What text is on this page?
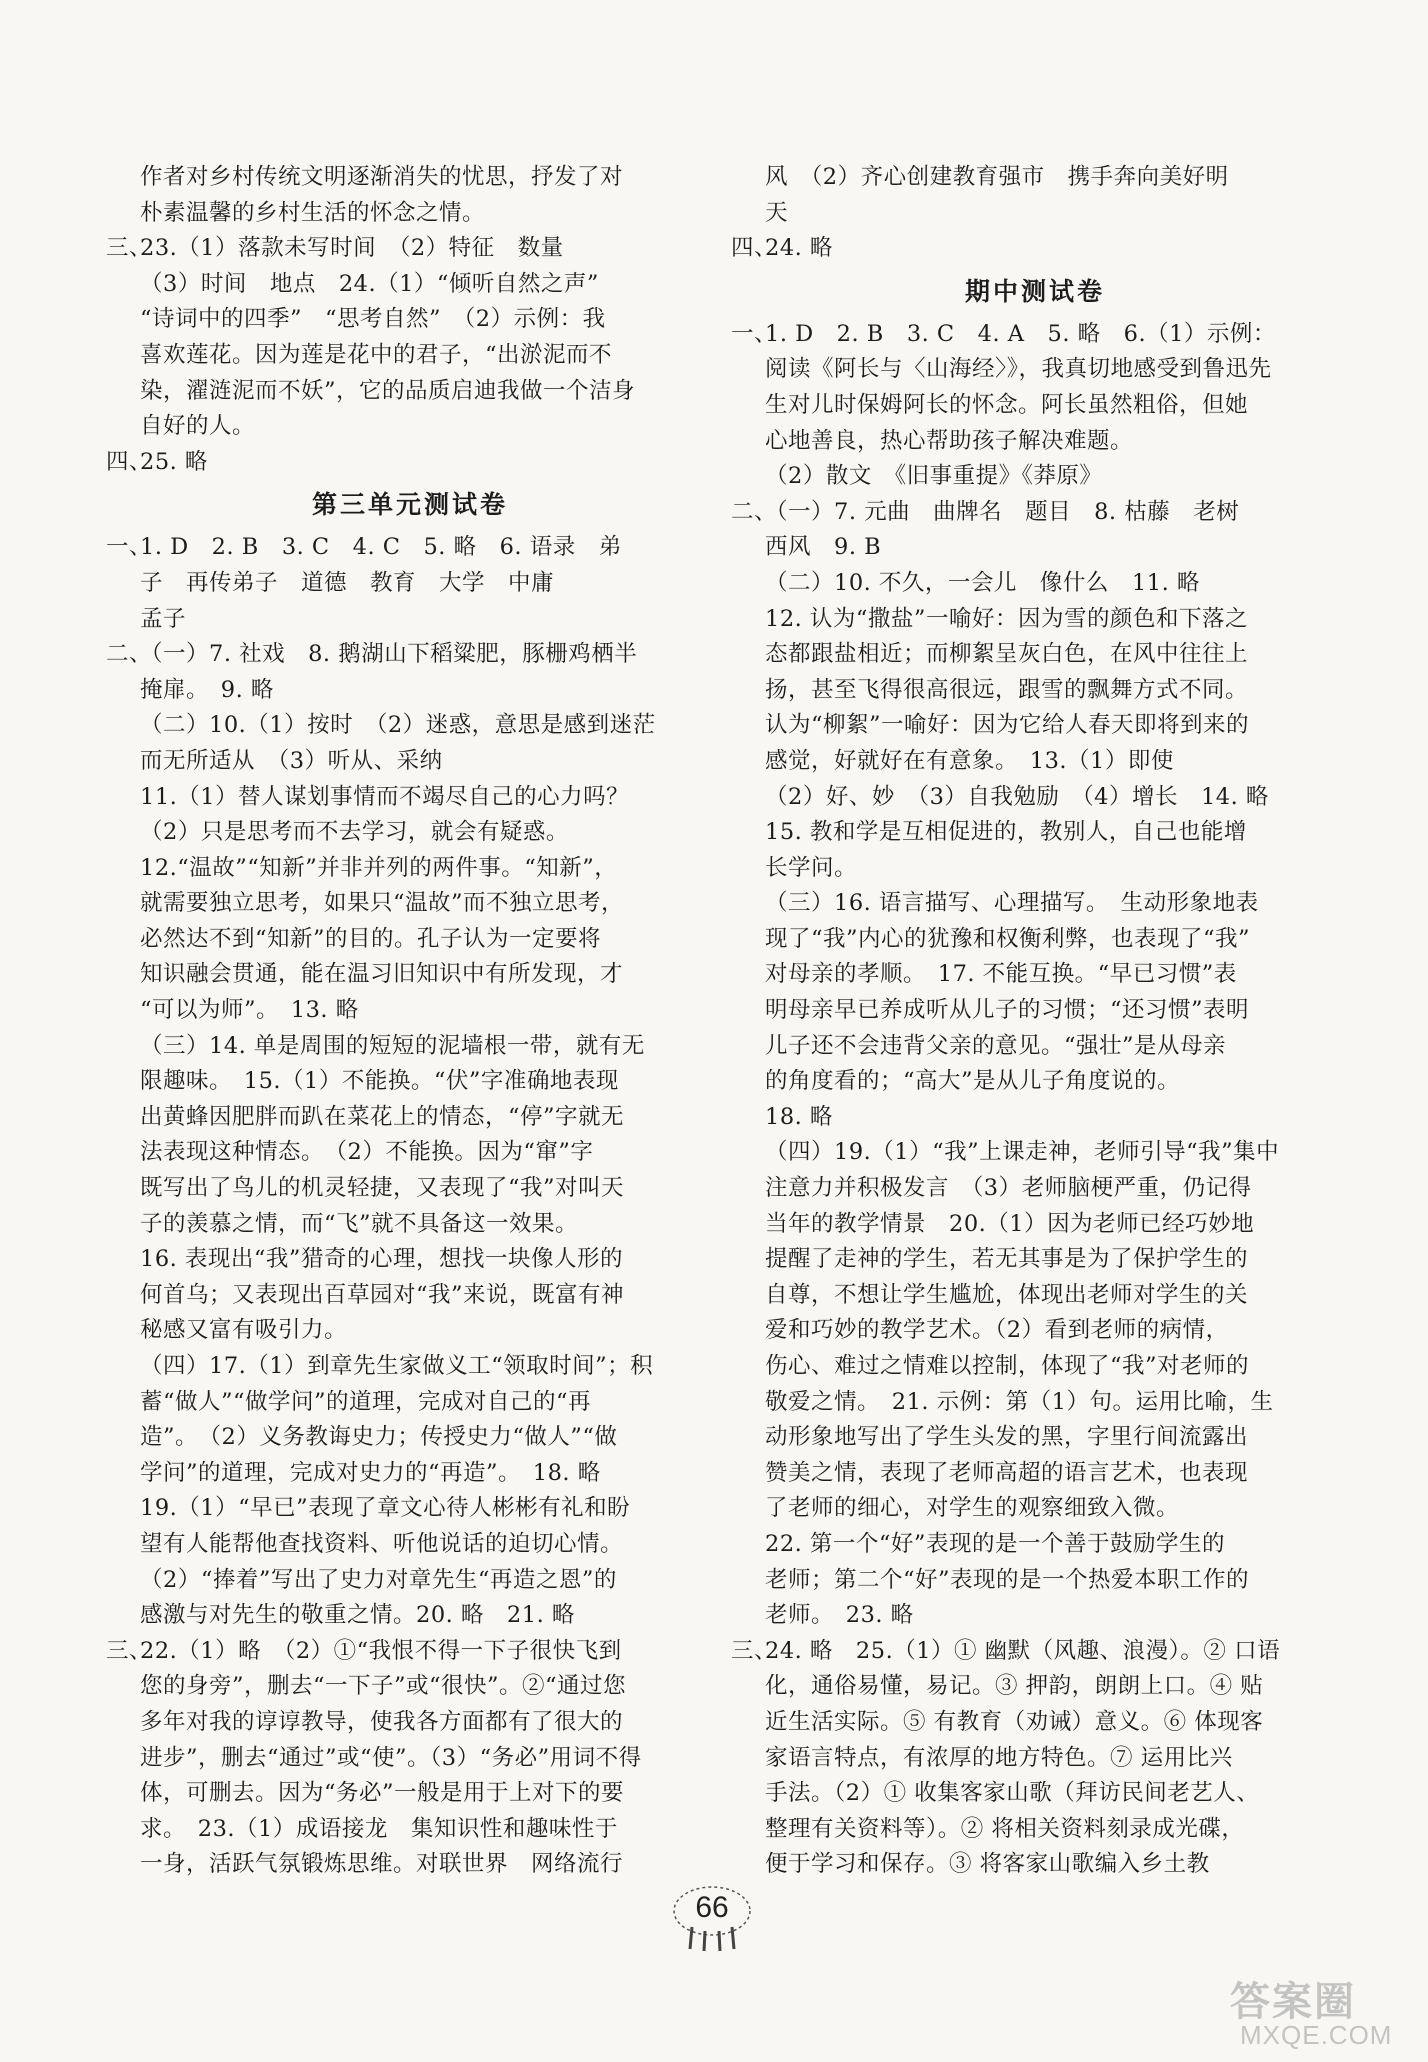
作者对乡村传统文明逐渐消失的忧思，抒发了对
朴素温馨的乡村生活的怀念之情。
三、
23.（1）落款未写时间　（2）特征　数量
（3）时间　地点　24.（1）“倾听自然之声”
“诗词中的四季”　“思考自然”　（2）示例：我
喜欢莲花。因为莲是花中的君子，“出淤泥而不
染，濯涟泥而不妖”，它的品质启迪我做一个洁身
自好的人。
四、
25. 略
第三单元测试卷
一、
1. D　2. B　3. C　4. C　5. 略　6. 语录　弟
子　再传弟子　道德　教育　大学　中庸
孟子
二、
（一）7. 社戏　8. 鹅湖山下稻粱肥，豚栅鸡栖半
掩扉。　9. 略
（二）10.（1）按时　（2）迷惑，意思是感到迷茫
而无所适从　（3）听从、采纳
11.（1）替人谋划事情而不竭尽自己的心力吗？
（2）只是思考而不去学习，就会有疑惑。
12.“温故”“知新”并非并列的两件事。“知新”，
就需要独立思考，如果只“温故”而不独立思考，
必然达不到“知新”的目的。孔子认为一定要将
知识融会贯通，能在温习旧知识中有所发现，才
“可以为师”。　13. 略
（三）14. 单是周围的短短的泥墙根一带，就有无
限趣味。　15.（1）不能换。“伏”字准确地表现
出黄蜂因肥胖而趴在菜花上的情态，“停”字就无
法表现这种情态。　（2）不能换。因为“窜”字
既写出了鸟儿的机灵轻捷，又表现了“我”对叫天
子的羡慕之情，而“飞”就不具备这一效果。
16. 表现出“我”猎奇的心理，想找一块像人形的
何首乌；又表现出百草园对“我”来说，既富有神
秘感又富有吸引力。
（四）17.（1）到章先生家做义工“领取时间”；积
蓄“做人”“做学问”的道理，完成对自己的“再
造”。　（2）义务教诲史力；传授史力“做人”“做
学问”的道理，完成对史力的“再造”。　18. 略
19.（1）“早已”表现了章文心待人彬彬有礼和盼
望有人能帮他查找资料、听他说话的迫切心情。
（2）“捧着”写出了史力对章先生“再造之恩”的
感激与对先生的敬重之情。20. 略　21. 略
三、
22.（1）略　（2）①“我恨不得一下子很快飞到
您的身旁”，删去“一下子”或“很快”。②“通过您
多年对我的谆谆教导，使我各方面都有了很大的
进步”，删去“通过”或“使”。（3）“务必”用词不得
体，可删去。因为“务必”一般是用于上对下的要
求。　23.（1）成语接龙　集知识性和趣味性于
一身，活跃气氛锻炼思维。对联世界　网络流行
风　（2）齐心创建教育强市　携手奔向美好明
天
四、
24. 略
期中测试卷
一、
1. D　2. B　3. C　4. A　5. 略　6.（1）示例：
阅读《阿长与〈山海经〉》，我真切地感受到鲁迅先
生对儿时保姆阿长的怀念。阿长虽然粗俗，但她
心地善良，热心帮助孩子解决难题。
（2）散文　《旧事重提》《莽原》
二、
（一）7. 元曲　曲牌名　题目　8. 枯藤　老树
西风　9. B
（二）10. 不久，一会儿　像什么　11. 略
12. 认为“撒盐”一喻好：因为雪的颜色和下落之
态都跟盐相近；而柳絮呈灰白色，在风中往往上
扬，甚至飞得很高很远，跟雪的飘舞方式不同。
认为“柳絮”一喻好：因为它给人春天即将到来的
感觉，好就好在有意象。　13.（1）即使
（2）好、妙　（3）自我勉励　（4）增长　14. 略
15. 教和学是互相促进的，教别人，自己也能增
长学问。
（三）16. 语言描写、心理描写。　生动形象地表
现了“我”内心的犹豫和权衡利弊，也表现了“我”
对母亲的孝顺。　17. 不能互换。“早已习惯”表
明母亲早已养成听从儿子的习惯；“还习惯”表明
儿子还不会违背父亲的意见。“强壮”是从母亲
的角度看的；“高大”是从儿子角度说的。
18. 略
（四）19.（1）“我”上课走神，老师引导“我”集中
注意力并积极发言　（3）老师脑梗严重，仍记得
当年的教学情景　20.（1）因为老师已经巧妙地
提醒了走神的学生，若无其事是为了保护学生的
自尊，不想让学生尴尬，体现出老师对学生的关
爱和巧妙的教学艺术。（2）看到老师的病情，
伤心、难过之情难以控制，体现了“我”对老师的
敬爱之情。　21. 示例：第（1）句。运用比喻，生
动形象地写出了学生头发的黑，字里行间流露出
赞美之情，表现了老师高超的语言艺术，也表现
了老师的细心，对学生的观察细致入微。
22. 第一个“好”表现的是一个善于鼓励学生的
老师；第二个“好”表现的是一个热爱本职工作的
老师。　23. 略
三、
24. 略　25.（1）① 幽默（风趣、浪漫）。② 口语
化，通俗易懂，易记。③ 押韵，朗朗上口。④ 贴
近生活实际。⑤ 有教育（劝诫）意义。⑥ 体现客
家语言特点，有浓厚的地方特色。⑦ 运用比兴
手法。（2）① 收集客家山歌（拜访民间老艺人、
整理有关资料等）。② 将相关资料刻录成光碟，
便于学习和保存。③ 将客家山歌编入乡土教
66
答案圈
MXQE.COM
